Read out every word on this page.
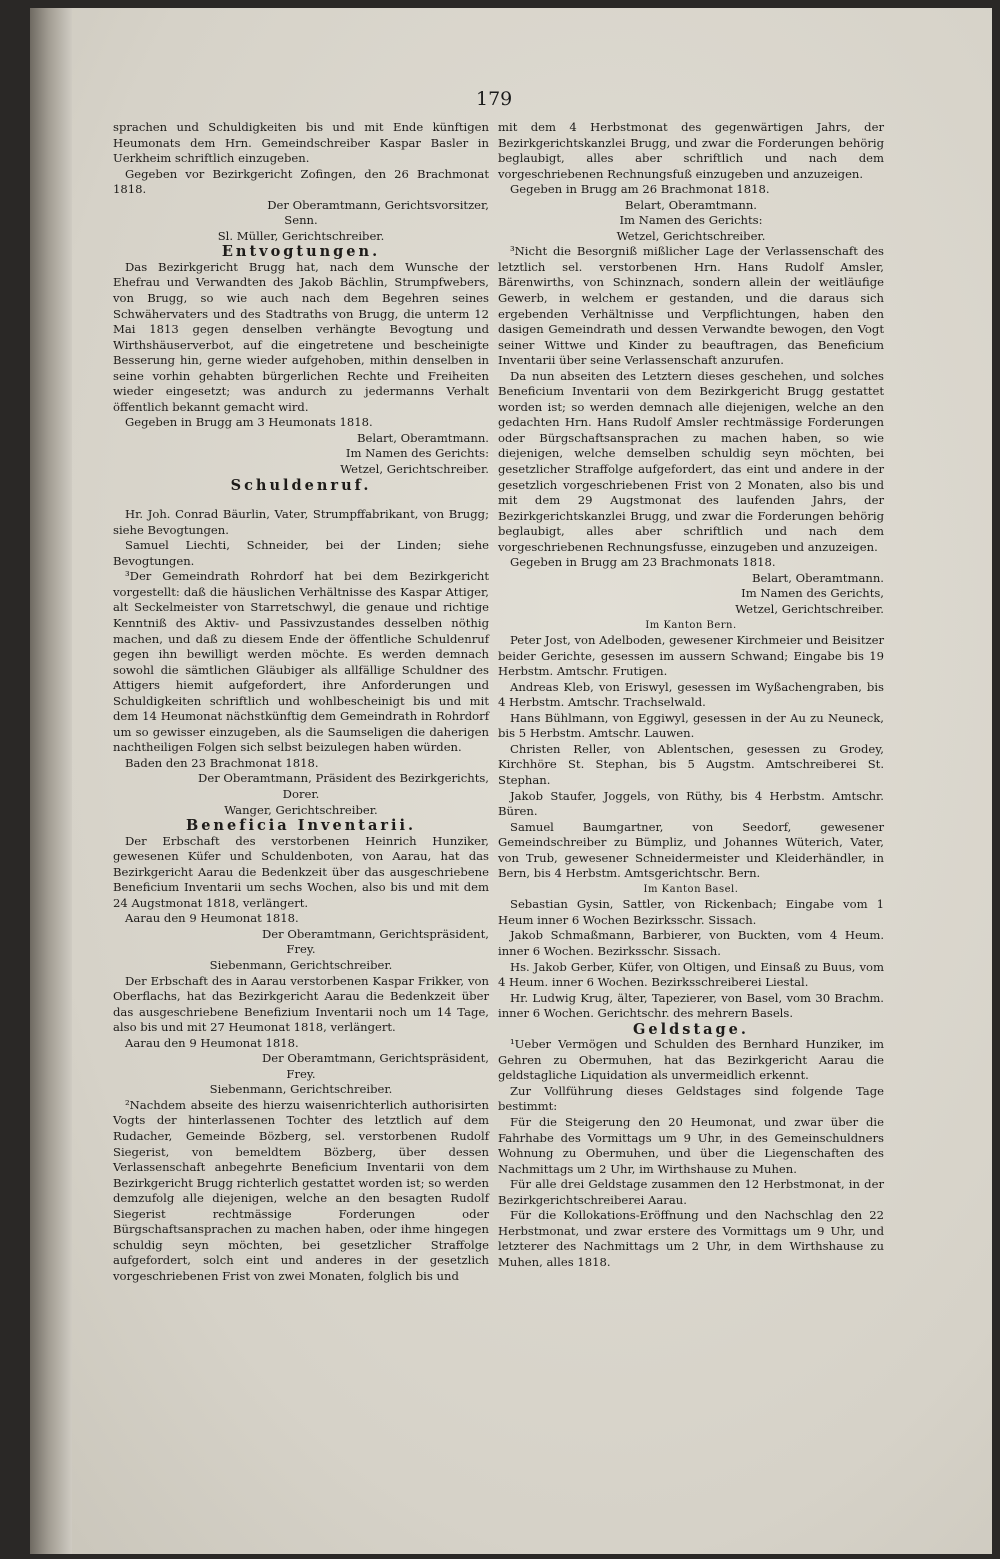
179

sprachen und Schuldigkeiten bis und mit Ende künftigen Heumonats dem Hrn. Gemeindschreiber Kaspar Basler in Uerkheim schriftlich einzugeben.

Gegeben vor Bezirkgericht Zofingen, den 26 Brachmonat 1818.

Der Oberamtmann, Gerichtsvorsitzer,

Senn.

Sl. Müller, Gerichtschreiber.

Entvogtungen.

Das Bezirkgericht Brugg hat, nach dem Wunsche der Ehefrau und Verwandten des Jakob Bächlin, Strumpfwebers, von Brugg, so wie auch nach dem Begehren seines Schwähervaters und des Stadtraths von Brugg, die unterm 12 Mai 1813 gegen denselben verhängte Bevogtung und Wirthshäuserverbot, auf die eingetretene und bescheinigte Besserung hin, gerne wieder aufgehoben, mithin denselben in seine vorhin gehabten bürgerlichen Rechte und Freiheiten wieder eingesetzt; was andurch zu jedermanns Verhalt öffentlich bekannt gemacht wird.

Gegeben in Brugg am 3 Heumonats 1818.

Belart, Oberamtmann.

Im Namen des Gerichts:

Wetzel, Gerichtschreiber.

Schuldenruf.

Hr. Joh. Conrad Bäurlin, Vater, Strumpffabrikant, von Brugg; siehe Bevogtungen.

Samuel Liechti, Schneider, bei der Linden; siehe Bevogtungen.

³Der Gemeindrath Rohrdorf hat bei dem Bezirkgericht vorgestellt: daß die häuslichen Verhältnisse des Kaspar Attiger, alt Seckelmeister von Starretschwyl, die genaue und richtige Kenntniß des Aktiv- und Passivzustandes desselben nöthig machen, und daß zu diesem Ende der öffentliche Schuldenruf gegen ihn bewilligt werden möchte. Es werden demnach sowohl die sämtlichen Gläubiger als allfällige Schuldner des Attigers hiemit aufgefordert, ihre Anforderungen und Schuldigkeiten schriftlich und wohlbescheinigt bis und mit dem 14 Heumonat nächstkünftig dem Gemeindrath in Rohrdorf um so gewisser einzugeben, als die Saumseligen die daherigen nachtheiligen Folgen sich selbst beizulegen haben würden.

Baden den 23 Brachmonat 1818.

Der Oberamtmann, Präsident des Bezirkgerichts,

Dorer.

Wanger, Gerichtschreiber.

Beneficia Inventarii.

Der Erbschaft des verstorbenen Heinrich Hunziker, gewesenen Küfer und Schuldenboten, von Aarau, hat das Bezirkgericht Aarau die Bedenkzeit über das ausgeschriebene Beneficium Inventarii um sechs Wochen, also bis und mit dem 24 Augstmonat 1818, verlängert.

Aarau den 9 Heumonat 1818.

Der Oberamtmann, Gerichtspräsident,

Frey.

Siebenmann, Gerichtschreiber.

Der Erbschaft des in Aarau verstorbenen Kaspar Frikker, von Oberflachs, hat das Bezirkgericht Aarau die Bedenkzeit über das ausgeschriebene Benefizium Inventarii noch um 14 Tage, also bis und mit 27 Heumonat 1818, verlängert.

Aarau den 9 Heumonat 1818.

Der Oberamtmann, Gerichtspräsident,

Frey.

Siebenmann, Gerichtschreiber.

²Nachdem abseite des hierzu waisenrichterlich authorisirten Vogts der hinterlassenen Tochter des letztlich auf dem Rudacher, Gemeinde Bözberg, sel. verstorbenen Rudolf Siegerist, von bemeldtem Bözberg, über dessen Verlassenschaft anbegehrte Beneficium Inventarii von dem Bezirkgericht Brugg richterlich gestattet worden ist; so werden demzufolg alle diejenigen, welche an den besagten Rudolf Siegerist rechtmässige Forderungen oder Bürgschaftsansprachen zu machen haben, oder ihme hingegen schuldig seyn möchten, bei gesetzlicher Straffolge aufgefordert, solch eint und anderes in der gesetzlich vorgeschriebenen Frist von zwei Monaten, folglich bis und

mit dem 4 Herbstmonat des gegenwärtigen Jahrs, der Bezirkgerichtskanzlei Brugg, und zwar die Forderungen behörig beglaubigt, alles aber schriftlich und nach dem vorgeschriebenen Rechnungsfuß einzugeben und anzuzeigen.

Gegeben in Brugg am 26 Brachmonat 1818.

Belart, Oberamtmann.

Im Namen des Gerichts:

Wetzel, Gerichtschreiber.

³Nicht die Besorgniß mißlicher Lage der Verlassenschaft des letztlich sel. verstorbenen Hrn. Hans Rudolf Amsler, Bärenwirths, von Schinznach, sondern allein der weitläufige Gewerb, in welchem er gestanden, und die daraus sich ergebenden Verhältnisse und Verpflichtungen, haben den dasigen Gemeindrath und dessen Verwandte bewogen, den Vogt seiner Wittwe und Kinder zu beauftragen, das Beneficium Inventarii über seine Verlassenschaft anzurufen.

Da nun abseiten des Letztern dieses geschehen, und solches Beneficium Inventarii von dem Bezirkgericht Brugg gestattet worden ist; so werden demnach alle diejenigen, welche an den gedachten Hrn. Hans Rudolf Amsler rechtmässige Forderungen oder Bürgschaftsansprachen zu machen haben, so wie diejenigen, welche demselben schuldig seyn möchten, bei gesetzlicher Straffolge aufgefordert, das eint und andere in der gesetzlich vorgeschriebenen Frist von 2 Monaten, also bis und mit dem 29 Augstmonat des laufenden Jahrs, der Bezirkgerichtskanzlei Brugg, und zwar die Forderungen behörig beglaubigt, alles aber schriftlich und nach dem vorgeschriebenen Rechnungsfusse, einzugeben und anzuzeigen.

Gegeben in Brugg am 23 Brachmonats 1818.

Belart, Oberamtmann.

Im Namen des Gerichts,

Wetzel, Gerichtschreiber.

Im Kanton Bern.

Peter Jost, von Adelboden, gewesener Kirchmeier und Beisitzer beider Gerichte, gesessen im aussern Schwand; Eingabe bis 19 Herbstm. Amtschr. Frutigen.

Andreas Kleb, von Eriswyl, gesessen im Wyßachengraben, bis 4 Herbstm. Amtschr. Trachselwald.

Hans Bühlmann, von Eggiwyl, gesessen in der Au zu Neuneck, bis 5 Herbstm. Amtschr. Lauwen.

Christen Reller, von Ablentschen, gesessen zu Grodey, Kirchhöre St. Stephan, bis 5 Augstm. Amtschreiberei St. Stephan.

Jakob Staufer, Joggels, von Rüthy, bis 4 Herbstm. Amtschr. Büren.

Samuel Baumgartner, von Seedorf, gewesener Gemeindschreiber zu Bümpliz, und Johannes Wüterich, Vater, von Trub, gewesener Schneidermeister und Kleiderhändler, in Bern, bis 4 Herbstm. Amtsgerichtschr. Bern.

Im Kanton Basel.

Sebastian Gysin, Sattler, von Rickenbach; Eingabe vom 1 Heum inner 6 Wochen Bezirksschr. Sissach.

Jakob Schmaßmann, Barbierer, von Buckten, vom 4 Heum. inner 6 Wochen. Bezirksschr. Sissach.

Hs. Jakob Gerber, Küfer, von Oltigen, und Einsaß zu Buus, vom 4 Heum. inner 6 Wochen. Bezirksschreiberei Liestal.

Hr. Ludwig Krug, älter, Tapezierer, von Basel, vom 30 Brachm. inner 6 Wochen. Gerichtschr. des mehrern Basels.

Geldstage.

¹Ueber Vermögen und Schulden des Bernhard Hunziker, im Gehren zu Obermuhen, hat das Bezirkgericht Aarau die geldstagliche Liquidation als unvermeidlich erkennt.

Zur Vollführung dieses Geldstages sind folgende Tage bestimmt:

Für die Steigerung den 20 Heumonat, und zwar über die Fahrhabe des Vormittags um 9 Uhr, in des Gemeinschuldners Wohnung zu Obermuhen, und über die Liegenschaften des Nachmittags um 2 Uhr, im Wirthshause zu Muhen.

Für alle drei Geldstage zusammen den 12 Herbstmonat, in der Bezirkgerichtschreiberei Aarau.

Für die Kollokations-Eröffnung und den Nachschlag den 22 Herbstmonat, und zwar erstere des Vormittags um 9 Uhr, und letzterer des Nachmittags um 2 Uhr, in dem Wirthshause zu Muhen, alles 1818.
